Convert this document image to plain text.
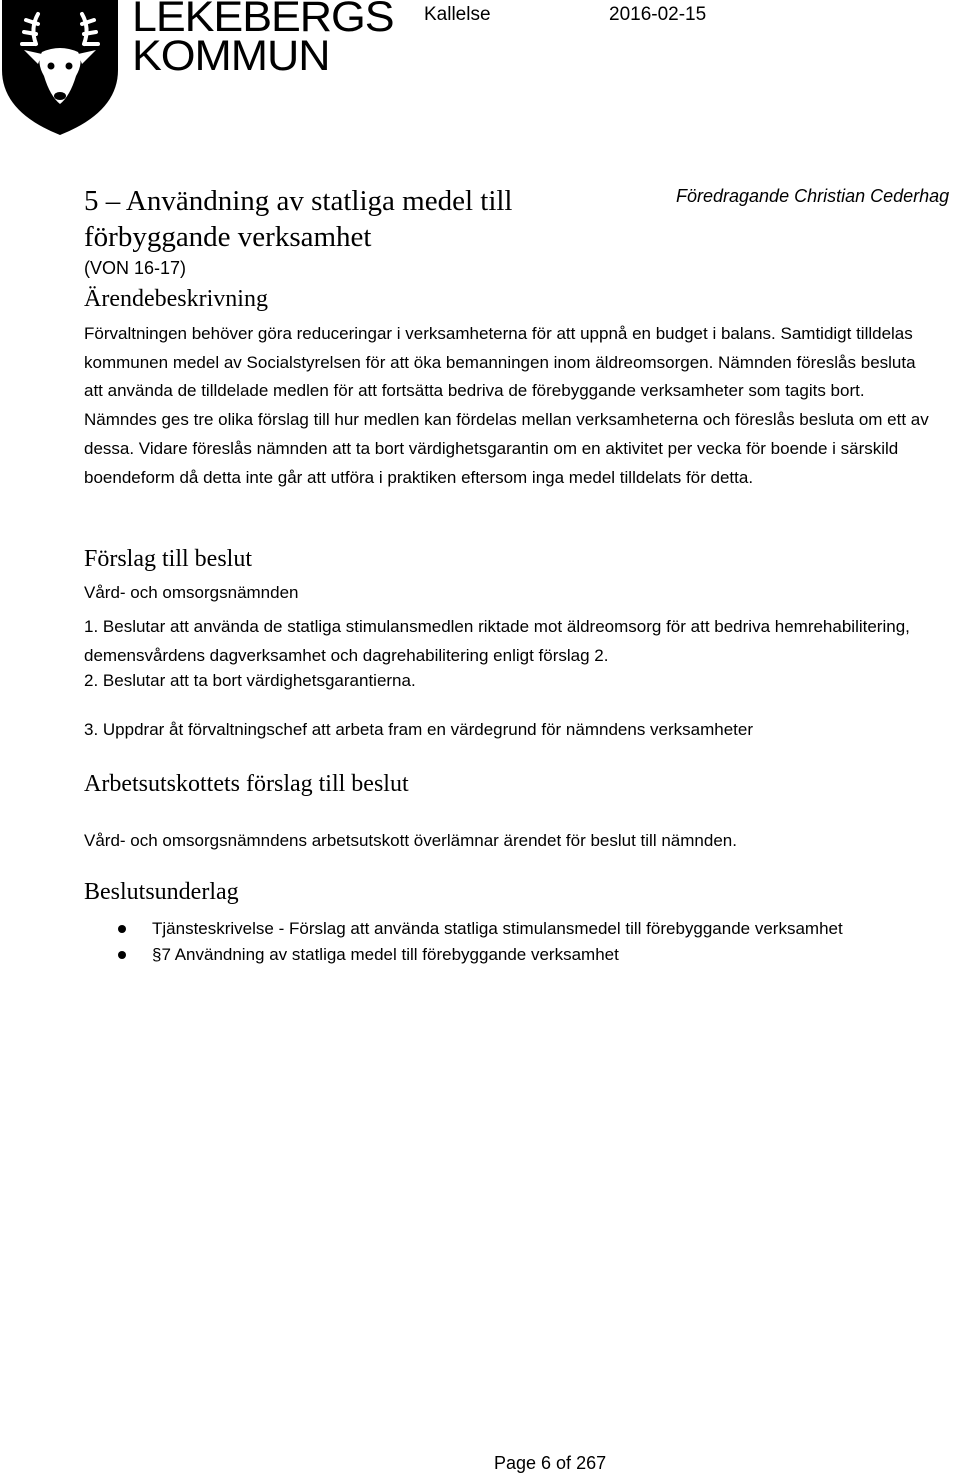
LEKEBERGS
KOMMUN
Kallelse	2016-02-15
5 – Användning av statliga medel till förbyggande verksamhet
Föredragande Christian Cederhag
(VON 16-17)
Ärendebeskrivning

Förvaltningen behöver göra reduceringar i verksamheterna för att uppnå en budget i balans. Samtidigt tilldelas kommunen medel av Socialstyrelsen för att öka bemanningen inom äldreomsorgen. Nämnden föreslås besluta att använda de tilldelade medlen för att fortsätta bedriva de förebyggande verksamheter som tagits bort. Nämndes ges tre olika förslag till hur medlen kan fördelas mellan verksamheterna och föreslås besluta om ett av dessa. Vidare föreslås nämnden att ta bort värdighetsgarantin om en aktivitet per vecka för boende i särskild boendeform då detta inte går att utföra i praktiken eftersom inga medel tilldelats för detta.

Förslag till beslut
Vård- och omsorgsnämnden
1. Beslutar att använda de statliga stimulansmedlen riktade mot äldreomsorg för att bedriva hemrehabilitering, demensvårdens dagverksamhet och dagrehabilitering enligt förslag 2.
2. Beslutar att ta bort värdighetsgarantierna.
3. Uppdrar åt förvaltningschef att arbeta fram en värdegrund för nämndens verksamheter
Arbetsutskottets förslag till beslut
Vård- och omsorgsnämndens arbetsutskott överlämnar ärendet för beslut till nämnden.
Beslutsunderlag
Tjänsteskrivelse - Förslag att använda statliga stimulansmedel till förebyggande verksamhet
§7 Användning av statliga medel till förebyggande verksamhet
Page 6 of 267
